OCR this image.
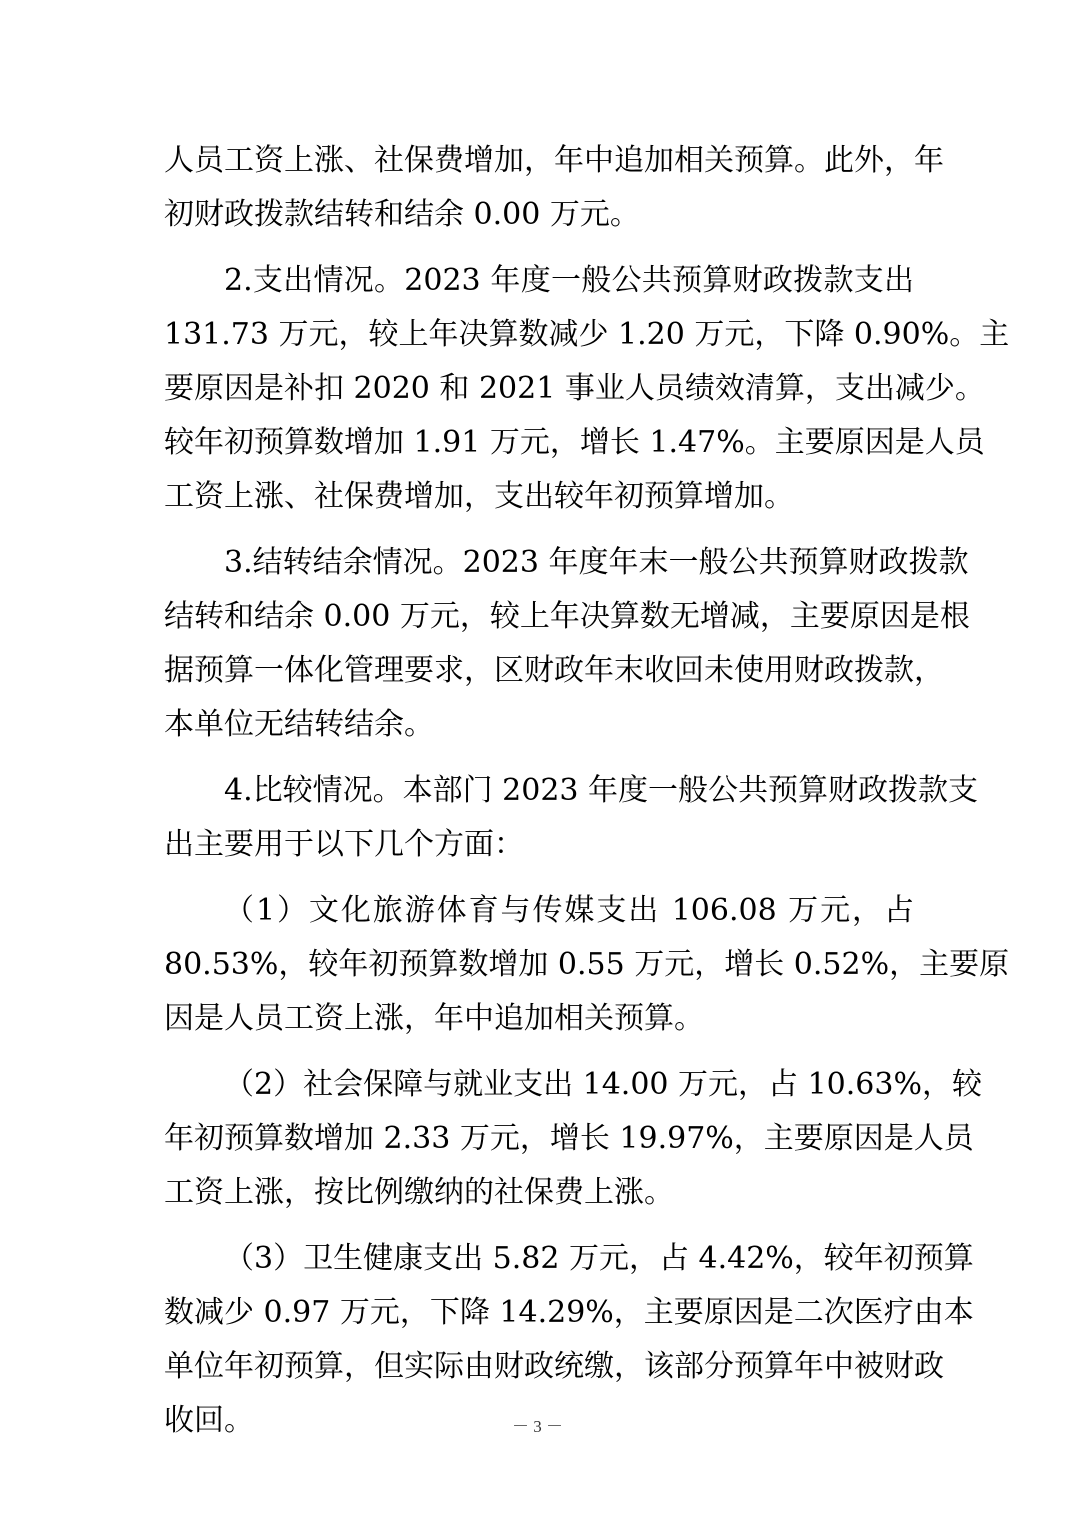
人员工资上涨、社保费增加，年中追加相关预算。此外，年
初财政拨款结转和结余 0.00 万元。
2.支出情况。2023 年度一般公共预算财政拨款支出
131.73 万元，较上年决算数减少 1.20 万元，下降 0.90%。主
要原因是补扣 2020 和 2021 事业人员绩效清算，支出减少。
较年初预算数增加 1.91 万元，增长 1.47%。主要原因是人员
工资上涨、社保费增加，支出较年初预算增加。
3.结转结余情况。2023 年度年末一般公共预算财政拨款
结转和结余 0.00 万元，较上年决算数无增减，主要原因是根
据预算一体化管理要求，区财政年末收回未使用财政拨款，
本单位无结转结余。
4.比较情况。本部门 2023 年度一般公共预算财政拨款支
出主要用于以下几个方面：
（1）文化旅游体育与传媒支出 106.08 万元，占
80.53%，较年初预算数增加 0.55 万元，增长 0.52%，主要原
因是人员工资上涨，年中追加相关预算。
（2）社会保障与就业支出 14.00 万元，占 10.63%，较
年初预算数增加 2.33 万元，增长 19.97%，主要原因是人员
工资上涨，按比例缴纳的社保费上涨。
（3）卫生健康支出 5.82 万元，占 4.42%，较年初预算
数减少 0.97 万元，下降 14.29%，主要原因是二次医疗由本
单位年初预算，但实际由财政统缴，该部分预算年中被财政
收回。	－ 3 －
